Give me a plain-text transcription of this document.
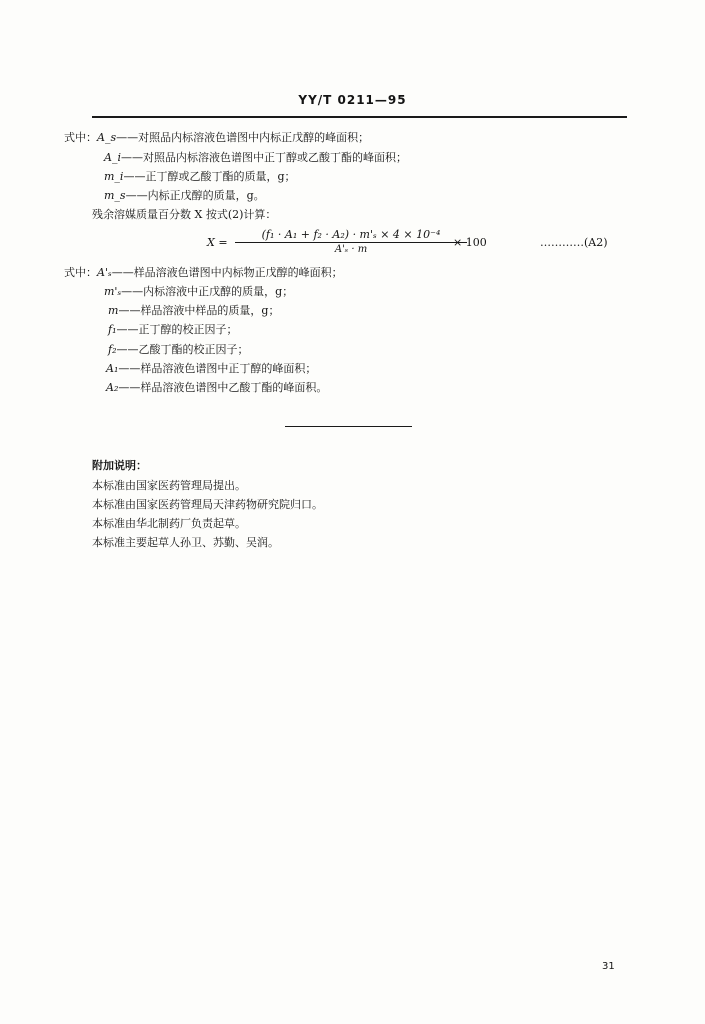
YY/T 0211—95
式中：A_s——对照品内标溶液色谱图中内标正戊醇的峰面积；
A_i——对照品内标溶液色谱图中正丁醇或乙酸丁酯的峰面积；
m_i——正丁醇或乙酸丁酯的质量，g；
m_s——内标正戊醇的质量，g。
残余溶媒质量百分数 X 按式(2)计算：
X =
(f₁ · A₁ + f₂ · A₂) · m'ₛ × 4 × 10⁻⁴
A'ₛ · m
× 100	…………(A2)
式中：A'ₛ——样品溶液色谱图中内标物正戊醇的峰面积；
m'ₛ——内标溶液中正戊醇的质量，g；
m——样品溶液中样品的质量，g；
f₁——正丁醇的校正因子；
f₂——乙酸丁酯的校正因子；
A₁——样品溶液色谱图中正丁醇的峰面积；
A₂——样品溶液色谱图中乙酸丁酯的峰面积。
附加说明：
本标准由国家医药管理局提出。
本标准由国家医药管理局天津药物研究院归口。
本标准由华北制药厂负责起草。
本标准主要起草人孙卫、苏勤、吴润。
31
